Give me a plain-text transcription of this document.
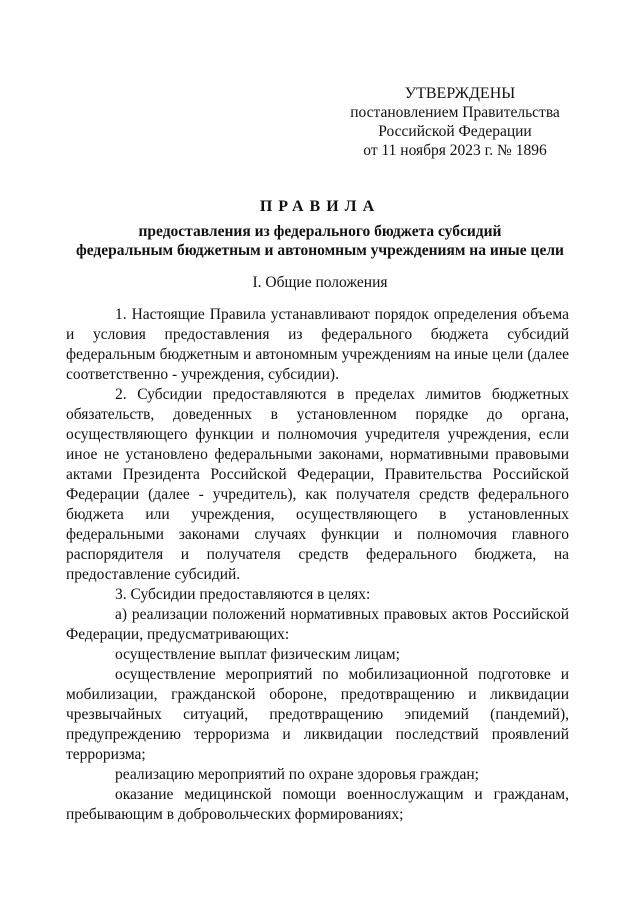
УТВЕРЖДЕНЫ
постановлением Правительства
Российской Федерации
от 11 ноября 2023 г. № 1896
ПРАВИЛА
предоставления из федерального бюджета субсидий
федеральным бюджетным и автономным учреждениям на иные цели
I. Общие положения

1. Настоящие Правила устанавливают порядок определения объема и условия предоставления из федерального бюджета субсидий федеральным бюджетным и автономным учреждениям на иные цели (далее соответственно - учреждения, субсидии).

2. Субсидии предоставляются в пределах лимитов бюджетных обязательств, доведенных в установленном порядке до органа, осуществляющего функции и полномочия учредителя учреждения, если иное не установлено федеральными законами, нормативными правовыми актами Президента Российской Федерации, Правительства Российской Федерации (далее - учредитель), как получателя средств федерального бюджета или учреждения, осуществляющего в установленных федеральными законами случаях функции и полномочия главного распорядителя и получателя средств федерального бюджета, на предоставление субсидий.

3. Субсидии предоставляются в целях:

а) реализации положений нормативных правовых актов Российской Федерации, предусматривающих:

осуществление выплат физическим лицам;

осуществление мероприятий по мобилизационной подготовке и мобилизации, гражданской обороне, предотвращению и ликвидации чрезвычайных ситуаций, предотвращению эпидемий (пандемий), предупреждению терроризма и ликвидации последствий проявлений терроризма;

реализацию мероприятий по охране здоровья граждан;

оказание медицинской помощи военнослужащим и гражданам, пребывающим в добровольческих формированиях;
